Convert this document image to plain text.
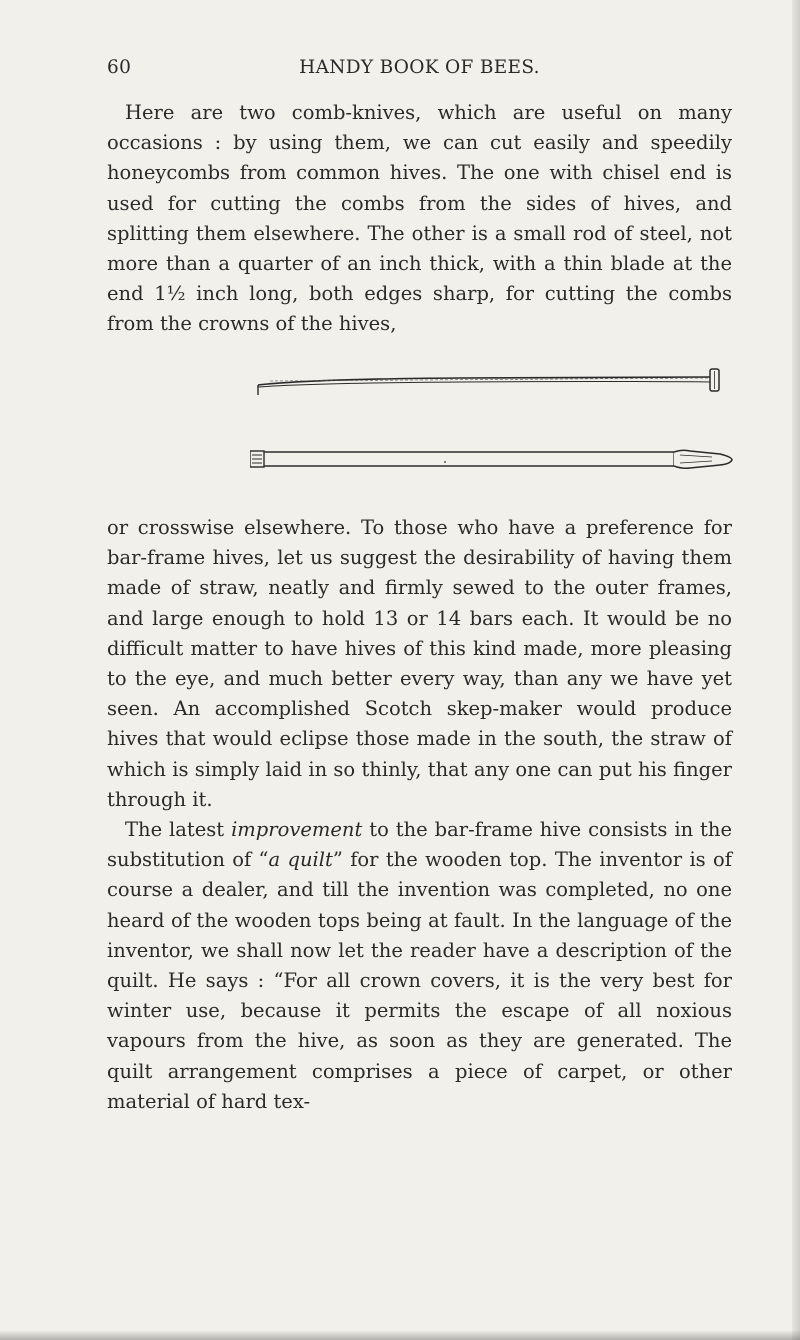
60	HANDY BOOK OF BEES.

Here are two comb-knives, which are useful on many occasions : by using them, we can cut easily and speedily honeycombs from common hives. The one with chisel end is used for cutting the combs from the sides of hives, and splitting them elsewhere. The other is a small rod of steel, not more than a quarter of an inch thick, with a thin blade at the end 1½ inch long, both edges sharp, for cutting the combs from the crowns of the hives,

or crosswise elsewhere. To those who have a preference for bar-frame hives, let us suggest the desirability of having them made of straw, neatly and firmly sewed to the outer frames, and large enough to hold 13 or 14 bars each. It would be no difficult matter to have hives of this kind made, more pleasing to the eye, and much better every way, than any we have yet seen. An accomplished Scotch skep-maker would produce hives that would eclipse those made in the south, the straw of which is simply laid in so thinly, that any one can put his finger through it.

The latest improvement to the bar-frame hive consists in the substitution of “a quilt” for the wooden top. The inventor is of course a dealer, and till the invention was completed, no one heard of the wooden tops being at fault. In the language of the inventor, we shall now let the reader have a description of the quilt. He says : “For all crown covers, it is the very best for winter use, because it permits the escape of all noxious vapours from the hive, as soon as they are generated. The quilt arrangement comprises a piece of carpet, or other material of hard tex-
